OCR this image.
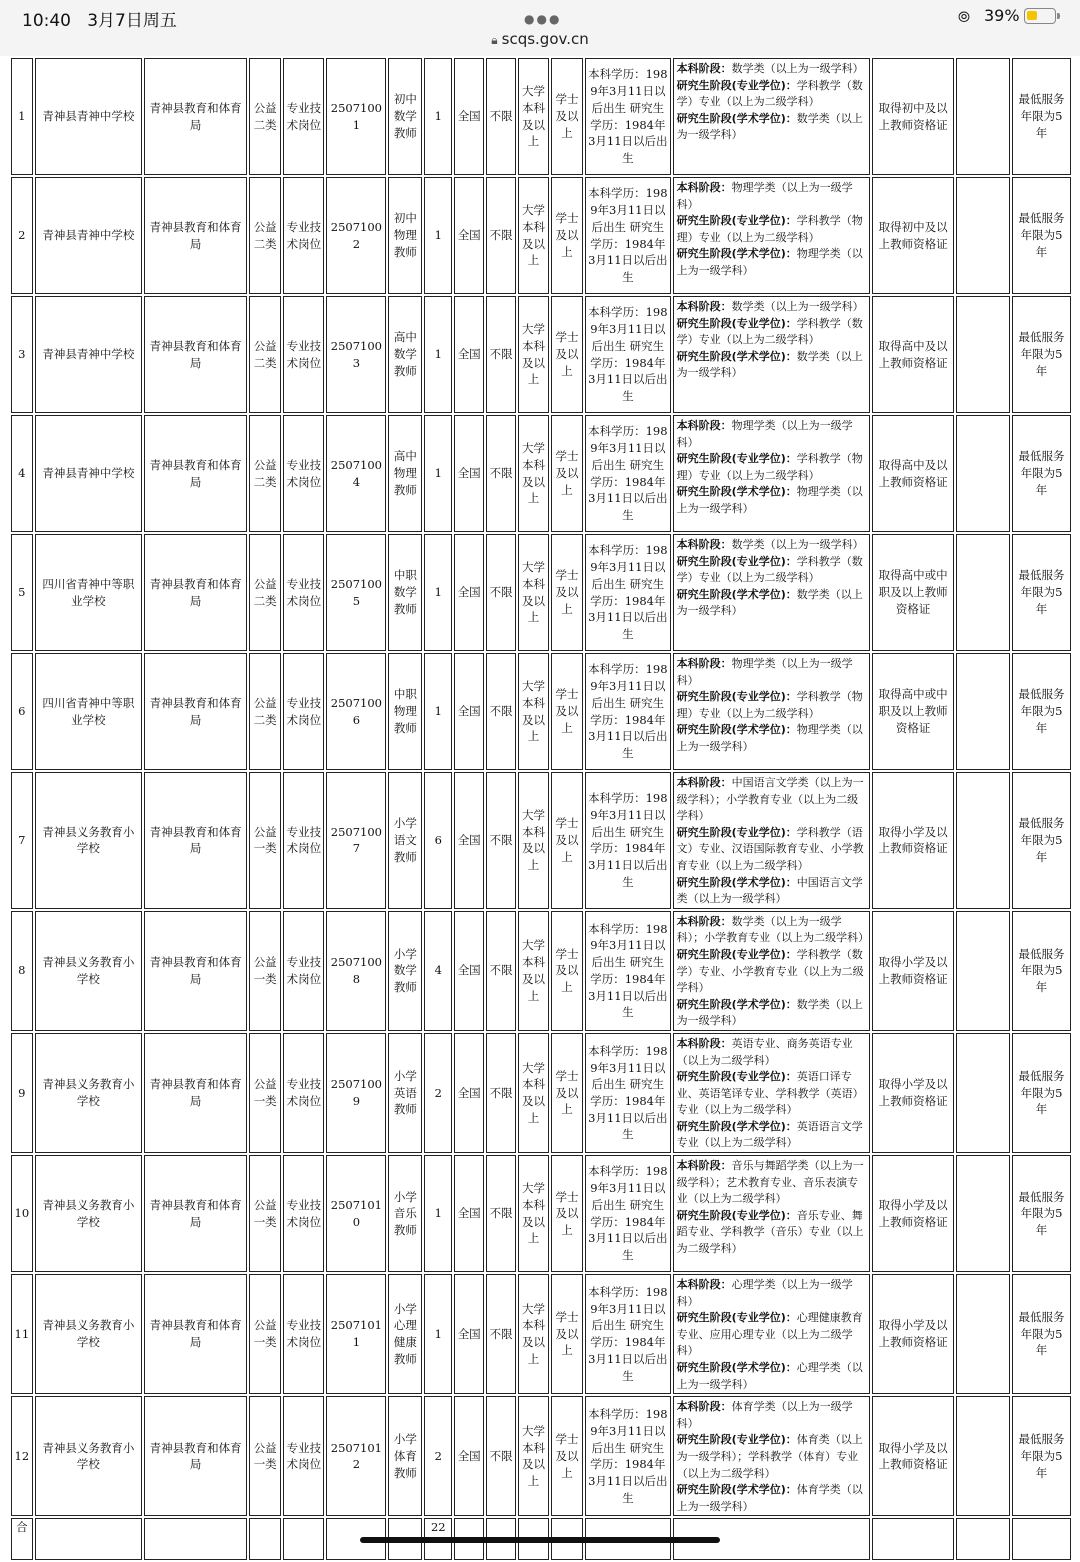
10:40 3月7日周五	●●●	⦾ 39%
🔒︎ scqs.gov.cn
1	青神县青神中学校	青神县教育和体育局	公益二类	专业技术岗位	25071001	初中数学教师	1	全国	不限	大学本科及以上	学士及以上	本科学历：1989年3月11日以后出生 研究生学历：1984年3月11日以后出生	本科阶段：数学类（以上为一级学科）
研究生阶段(专业学位)：学科教学（数学）专业（以上为二级学科）
研究生阶段(学术学位)：数学类（以上为一级学科）	取得初中及以上教师资格证		最低服务年限为5年
2	青神县青神中学校	青神县教育和体育局	公益二类	专业技术岗位	25071002	初中物理教师	1	全国	不限	大学本科及以上	学士及以上	本科学历：1989年3月11日以后出生 研究生学历：1984年3月11日以后出生	本科阶段：物理学类（以上为一级学科）
研究生阶段(专业学位)：学科教学（物理）专业（以上为二级学科）
研究生阶段(学术学位)：物理学类（以上为一级学科）	取得初中及以上教师资格证		最低服务年限为5年
3	青神县青神中学校	青神县教育和体育局	公益二类	专业技术岗位	25071003	高中数学教师	1	全国	不限	大学本科及以上	学士及以上	本科学历：1989年3月11日以后出生 研究生学历：1984年3月11日以后出生	本科阶段：数学类（以上为一级学科）
研究生阶段(专业学位)：学科教学（数学）专业（以上为二级学科）
研究生阶段(学术学位)：数学类（以上为一级学科）	取得高中及以上教师资格证		最低服务年限为5年
4	青神县青神中学校	青神县教育和体育局	公益二类	专业技术岗位	25071004	高中物理教师	1	全国	不限	大学本科及以上	学士及以上	本科学历：1989年3月11日以后出生 研究生学历：1984年3月11日以后出生	本科阶段：物理学类（以上为一级学科）
研究生阶段(专业学位)：学科教学（物理）专业（以上为二级学科）
研究生阶段(学术学位)：物理学类（以上为一级学科）	取得高中及以上教师资格证		最低服务年限为5年
5	四川省青神中等职业学校	青神县教育和体育局	公益二类	专业技术岗位	25071005	中职数学教师	1	全国	不限	大学本科及以上	学士及以上	本科学历：1989年3月11日以后出生 研究生学历：1984年3月11日以后出生	本科阶段：数学类（以上为一级学科）
研究生阶段(专业学位)：学科教学（数学）专业（以上为二级学科）
研究生阶段(学术学位)：数学类（以上为一级学科）	取得高中或中职及以上教师资格证		最低服务年限为5年
6	四川省青神中等职业学校	青神县教育和体育局	公益二类	专业技术岗位	25071006	中职物理教师	1	全国	不限	大学本科及以上	学士及以上	本科学历：1989年3月11日以后出生 研究生学历：1984年3月11日以后出生	本科阶段：物理学类（以上为一级学科）
研究生阶段(专业学位)：学科教学（物理）专业（以上为二级学科）
研究生阶段(学术学位)：物理学类（以上为一级学科）	取得高中或中职及以上教师资格证		最低服务年限为5年
7	青神县义务教育小学校	青神县教育和体育局	公益一类	专业技术岗位	25071007	小学语文教师	6	全国	不限	大学本科及以上	学士及以上	本科学历：1989年3月11日以后出生 研究生学历：1984年3月11日以后出生	本科阶段：中国语言文学类（以上为一级学科）；小学教育专业（以上为二级学科）
研究生阶段(专业学位)：学科教学（语文）专业、汉语国际教育专业、小学教育专业（以上为二级学科）
研究生阶段(学术学位)：中国语言文学类（以上为一级学科）	取得小学及以上教师资格证		最低服务年限为5年
8	青神县义务教育小学校	青神县教育和体育局	公益一类	专业技术岗位	25071008	小学数学教师	4	全国	不限	大学本科及以上	学士及以上	本科学历：1989年3月11日以后出生 研究生学历：1984年3月11日以后出生	本科阶段：数学类（以上为一级学科）；小学教育专业（以上为二级学科）
研究生阶段(专业学位)：学科教学（数学）专业、小学教育专业（以上为二级学科）
研究生阶段(学术学位)：数学类（以上为一级学科）	取得小学及以上教师资格证		最低服务年限为5年
9	青神县义务教育小学校	青神县教育和体育局	公益一类	专业技术岗位	25071009	小学英语教师	2	全国	不限	大学本科及以上	学士及以上	本科学历：1989年3月11日以后出生 研究生学历：1984年3月11日以后出生	本科阶段：英语专业、商务英语专业（以上为二级学科）
研究生阶段(专业学位)：英语口译专业、英语笔译专业、学科教学（英语）专业（以上为二级学科）
研究生阶段(学术学位)：英语语言文学专业（以上为二级学科）	取得小学及以上教师资格证		最低服务年限为5年
10	青神县义务教育小学校	青神县教育和体育局	公益一类	专业技术岗位	25071010	小学音乐教师	1	全国	不限	大学本科及以上	学士及以上	本科学历：1989年3月11日以后出生 研究生学历：1984年3月11日以后出生	本科阶段：音乐与舞蹈学类（以上为一级学科）；艺术教育专业、音乐表演专业（以上为二级学科）
研究生阶段(专业学位)：音乐专业、舞蹈专业、学科教学（音乐）专业（以上为二级学科）	取得小学及以上教师资格证		最低服务年限为5年
11	青神县义务教育小学校	青神县教育和体育局	公益一类	专业技术岗位	25071011	小学心理健康教师	1	全国	不限	大学本科及以上	学士及以上	本科学历：1989年3月11日以后出生 研究生学历：1984年3月11日以后出生	本科阶段：心理学类（以上为一级学科）
研究生阶段(专业学位)：心理健康教育专业、应用心理专业（以上为二级学科）
研究生阶段(学术学位)：心理学类（以上为一级学科）	取得小学及以上教师资格证		最低服务年限为5年
12	青神县义务教育小学校	青神县教育和体育局	公益一类	专业技术岗位	25071012	小学体育教师	2	全国	不限	大学本科及以上	学士及以上	本科学历：1989年3月11日以后出生 研究生学历：1984年3月11日以后出生	本科阶段：体育学类（以上为一级学科）
研究生阶段(专业学位)：体育类（以上为一级学科）；学科教学（体育）专业（以上为二级学科）
研究生阶段(学术学位)：体育学类（以上为一级学科）	取得小学及以上教师资格证		最低服务年限为5年
合							22									
